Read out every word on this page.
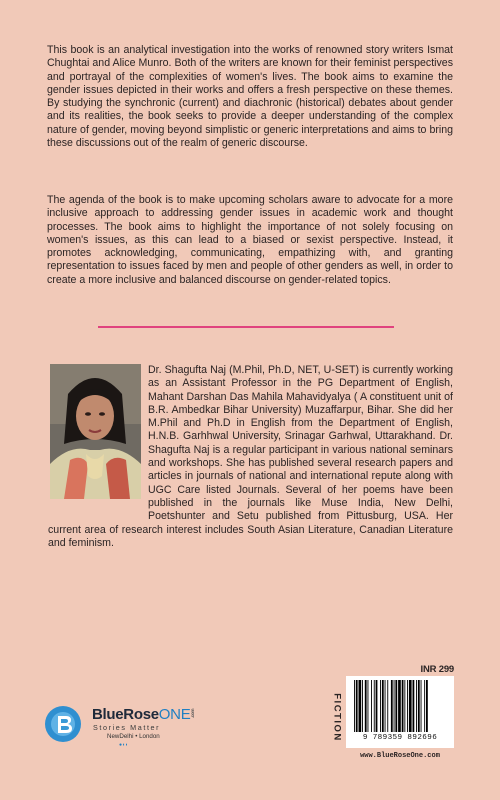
This book is an analytical investigation into the works of renowned story writers Ismat Chughtai and Alice Munro. Both of the writers are known for their feminist perspectives and portrayal of the complexities of women's lives. The book aims to examine the gender issues depicted in their works and offers a fresh perspective on these themes. By studying the synchronic (current) and diachronic (historical) debates about gender and its realities, the book seeks to provide a deeper understanding of the complex nature of gender, moving beyond simplistic or generic interpretations and aims to bring these discussions out of the realm of generic discourse.

The agenda of the book is to make upcoming scholars aware to advocate for a more inclusive approach to addressing gender issues in academic work and thought processes. The book aims to highlight the importance of not solely focusing on women's issues, as this can lead to a biased or sexist perspective. Instead, it promotes acknowledging, communicating, empathizing with, and granting representation to issues faced by men and people of other genders as well, in order to create a more inclusive and balanced discourse on gender-related topics.

Dr. Shagufta Naj (M.Phil, Ph.D, NET, U-SET) is currently working as an Assistant Professor in the PG Department of English, Mahant Darshan Das Mahila Mahavidyalya ( A constituent unit of B.R. Ambedkar Bihar University) Muzaffarpur, Bihar. She did her M.Phil and Ph.D in English from the Department of English, H.N.B. Garhhwal University, Srinagar Garhwal, Uttarakhand. Dr. Shagufta Naj is a regular participant in various national seminars and workshops. She has published several research papers and articles in journals of national and international repute along with UGC Care listed Journals. Several of her poems have been published in the journals like Muse India, New Delhi, Poetshunter and Setu published from Pittusburg, USA. Her current area of research interest includes South Asian Literature, Canadian Literature and feminism.
INR 299
FICTION	9 789359 892696
www.BlueRoseOne.com
BlueRoseONE.com
Stories Matter
NewDelhi • London
●◖◗
